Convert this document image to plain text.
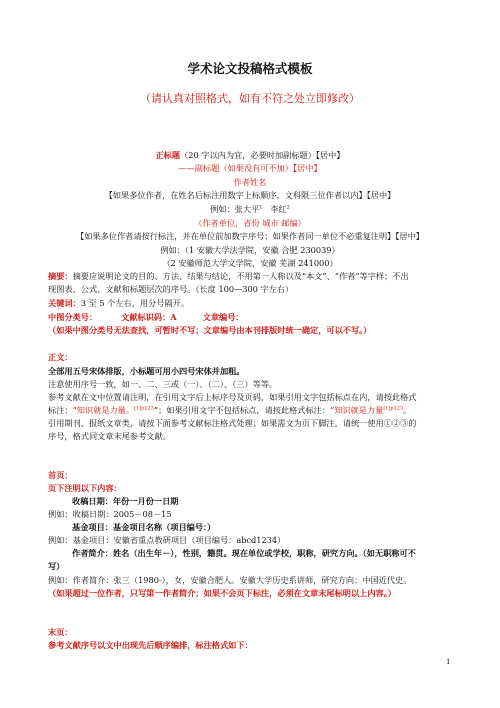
学术论文投稿格式模板
（请认真对照格式，如有不符之处立即修改）
正标题（20 字以内为宜，必要时加副标题）【居中】
——副标题（如果没有可不加）【居中】
作者姓名
【如果多位作者，在姓名后标注用数字上标顺序，文科限三位作者以内】【居中】
例如：张大平$^1$ 李红$^2$
（作者单位，省份 城市 邮编）
【如果多位作者请按行标注，并在单位前加数字序号；如果作者同一单位不必重复注明】【居中】
例如：（1 安徽大学法学院，安徽 合肥 230039）
（2 安徽师范大学文学院，安徽 芜湖 241000）
摘要：摘要应说明论文的目的、方法、结果与结论，不用第一人称以及“本文”、“作者”等字样；不出
现图表、公式、文献和标题层次的序号。（长度 100—300 字左右）
关键词：3 至 5 个左右，用分号隔开。
中图分类号：	文献标识码：A	文章编号：
（如果中图分类号无法查找，可暂时不写；文章编号由本刊排版时统一确定，可以不写。）
正文：
全部用五号宋体排版，小标题可用小四号宋体并加粗。
注意使用序号一致，如一、二、三或（一）、（二）、（三）等等。
参考文献在文中位置请注明，在引用文字后上标序号及页码，如果引用文字包括标点在内，请按此格式
标注：“知识就是力量。$^{[1]p123}$”；如果引用文字不包括标点，请按此格式标注：“知识就是力量$^{[1]p123}$。
引用期刊、报纸文章类，请按下面参考文献标注格式处理；如果需文为页下脚注，请统一使用①②③的
序号，格式同文章末尾参考文献。
首页：
页下注明以下内容：
收稿日期：年份一月份一日期
例如：收稿日期：2005－08－15
基金项目：基金项目名称（项目编号：）
例如：基金项目：安徽省重点教研项目（项目编号：abcd1234）
作者简介：姓名（出生年－），性别，籍贯。现在单位或学校，职称，研究方向。（如无职称可不
写）
例如：作者简介：张三（1980-），女，安徽合肥人。安徽大学历史系讲师，研究方向：中国近代史。
（如果超过一位作者，只写第一作者简介；如果不会页下标注，必须在文章末尾标明以上内容。）
末页：
参考文献序号以文中出现先后顺序编排，标注格式如下：
1
